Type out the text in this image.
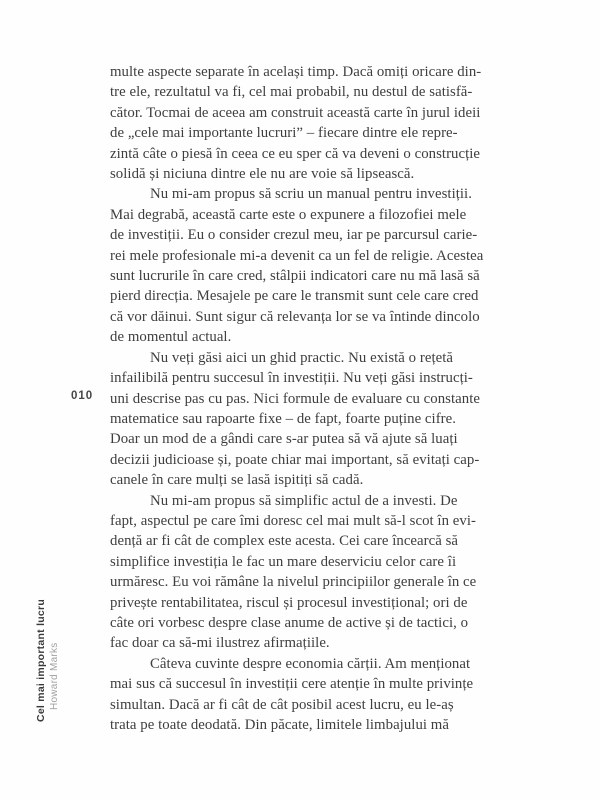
010
Cel mai important lucru Howard Marks
multe aspecte separate în același timp. Dacă omiți oricare din-
tre ele, rezultatul va fi, cel mai probabil, nu destul de satisfă-
cător. Tocmai de aceea am construit această carte în jurul ideii
de „cele mai importante lucruri” – fiecare dintre ele repre-
zintă câte o piesă în ceea ce eu sper că va deveni o construcție
solidă și niciuna dintre ele nu are voie să lipsească.
Nu mi-am propus să scriu un manual pentru investiții.
Mai degrabă, această carte este o expunere a filozofiei mele
de investiții. Eu o consider crezul meu, iar pe parcursul carie-
rei mele profesionale mi-a devenit ca un fel de religie. Acestea
sunt lucrurile în care cred, stâlpii indicatori care nu mă lasă să
pierd direcția. Mesajele pe care le transmit sunt cele care cred
că vor dăinui. Sunt sigur că relevanța lor se va întinde dincolo
de momentul actual.
Nu veți găsi aici un ghid practic. Nu există o rețetă
infailibilă pentru succesul în investiții. Nu veți găsi instrucți-
uni descrise pas cu pas. Nici formule de evaluare cu constante
matematice sau rapoarte fixe – de fapt, foarte puține cifre.
Doar un mod de a gândi care s-ar putea să vă ajute să luați
decizii judicioase și, poate chiar mai important, să evitați cap-
canele în care mulți se lasă ispitiți să cadă.
Nu mi-am propus să simplific actul de a investi. De
fapt, aspectul pe care îmi doresc cel mai mult să-l scot în evi-
dență ar fi cât de complex este acesta. Cei care încearcă să
simplifice investiția le fac un mare deserviciu celor care îi
urmăresc. Eu voi rămâne la nivelul principiilor generale în ce
privește rentabilitatea, riscul și procesul investițional; ori de
câte ori vorbesc despre clase anume de active și de tactici, o
fac doar ca să-mi ilustrez afirmațiile.
Câteva cuvinte despre economia cărții. Am menționat
mai sus că succesul în investiții cere atenție în multe privințe
simultan. Dacă ar fi cât de cât posibil acest lucru, eu le-aș
trata pe toate deodată. Din păcate, limitele limbajului mă
